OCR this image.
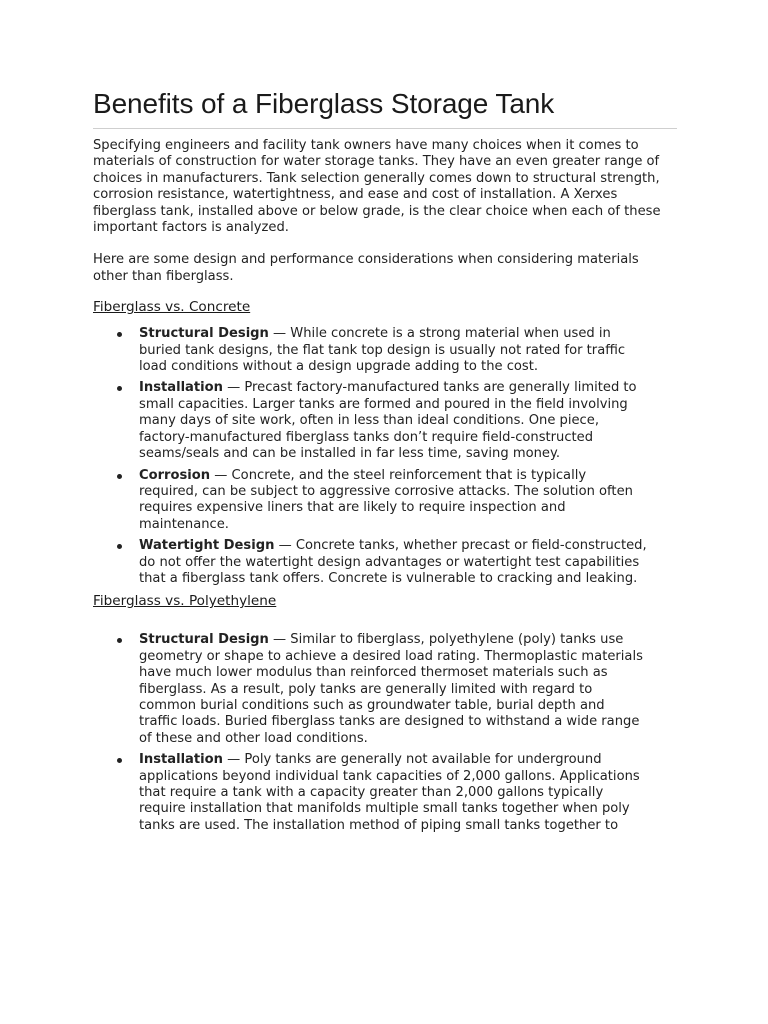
Benefits of a Fiberglass Storage Tank

Specifying engineers and facility tank owners have many choices when it comes to materials of construction for water storage tanks. They have an even greater range of choices in manufacturers. Tank selection generally comes down to structural strength, corrosion resistance, watertightness, and ease and cost of installation. A Xerxes fiberglass tank, installed above or below grade, is the clear choice when each of these important factors is analyzed.

Here are some design and performance considerations when considering materials other than fiberglass.

Fiberglass vs. Concrete
Structural Design — While concrete is a strong material when used in buried tank designs, the flat tank top design is usually not rated for traffic load conditions without a design upgrade adding to the cost.
Installation — Precast factory-manufactured tanks are generally limited to small capacities. Larger tanks are formed and poured in the field involving many days of site work, often in less than ideal conditions. One piece, factory-manufactured fiberglass tanks don’t require field-constructed seams/seals and can be installed in far less time, saving money.
Corrosion — Concrete, and the steel reinforcement that is typically required, can be subject to aggressive corrosive attacks. The solution often requires expensive liners that are likely to require inspection and maintenance.
Watertight Design — Concrete tanks, whether precast or field-constructed, do not offer the watertight design advantages or watertight test capabilities that a fiberglass tank offers. Concrete is vulnerable to cracking and leaking.
Fiberglass vs. Polyethylene
Structural Design — Similar to fiberglass, polyethylene (poly) tanks use geometry or shape to achieve a desired load rating. Thermoplastic materials have much lower modulus than reinforced thermoset materials such as fiberglass. As a result, poly tanks are generally limited with regard to common burial conditions such as groundwater table, burial depth and traffic loads. Buried fiberglass tanks are designed to withstand a wide range of these and other load conditions.
Installation — Poly tanks are generally not available for underground applications beyond individual tank capacities of 2,000 gallons. Applications that require a tank with a capacity greater than 2,000 gallons typically require installation that manifolds multiple small tanks together when poly tanks are used. The installation method of piping small tanks together to
